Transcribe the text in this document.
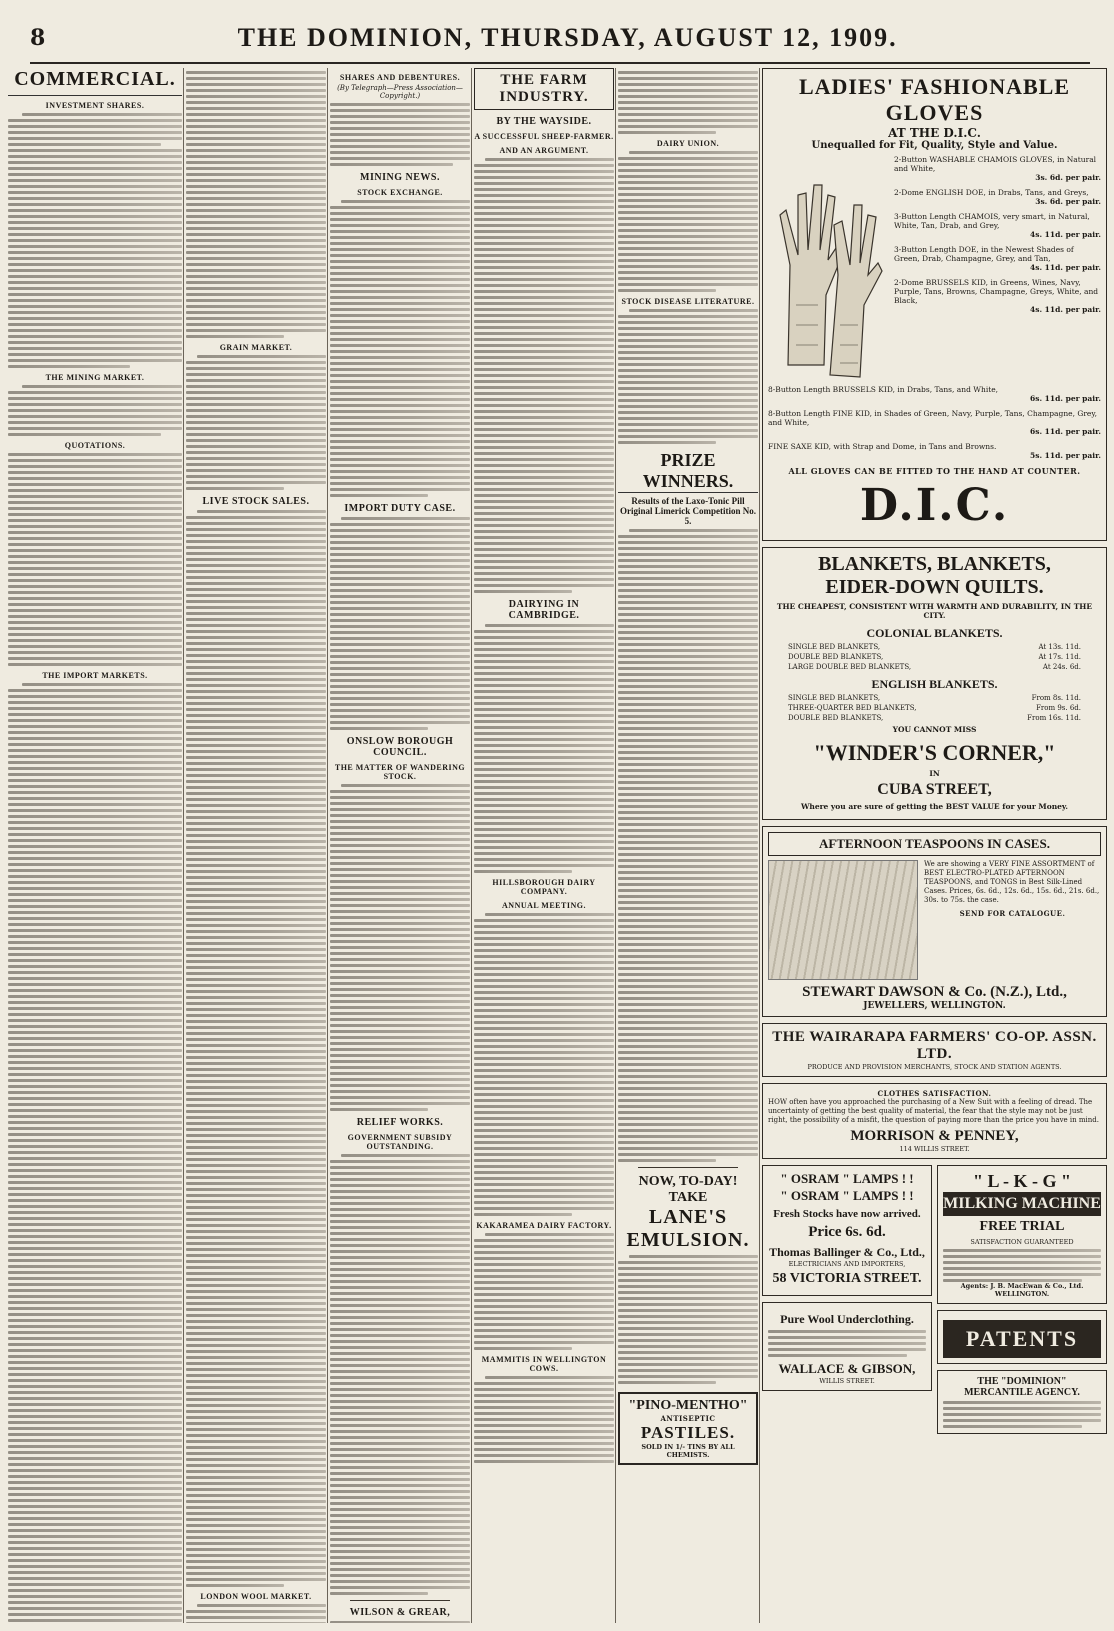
8	THE DOMINION, THURSDAY, AUGUST 12, 1909.
COMMERCIAL.
INVESTMENT SHARES.
THE MINING MARKET.
QUOTATIONS.
THE IMPORT MARKETS.
GRAIN MARKET.
LIVE STOCK SALES.
LONDON WOOL MARKET.
SHARES AND DEBENTURES.
(By Telegraph—Press Association—Copyright.)
MINING NEWS.
STOCK EXCHANGE.
IMPORT DUTY CASE.
ONSLOW BOROUGH COUNCIL.
THE MATTER OF WANDERING STOCK.
RELIEF WORKS.
GOVERNMENT SUBSIDY OUTSTANDING.
WILSON & GREAR,
THE FARM INDUSTRY.
BY THE WAYSIDE.
A SUCCESSFUL SHEEP-FARMER.
AND AN ARGUMENT.
DAIRYING IN CAMBRIDGE.
HILLSBOROUGH DAIRY COMPANY.
ANNUAL MEETING.
KAKARAMEA DAIRY FACTORY.
MAMMITIS IN WELLINGTON COWS.
DAIRY UNION.
STOCK DISEASE LITERATURE.
PRIZE WINNERS.
Results of the Laxo-Tonic Pill Original Limerick Competition No. 5.
NOW, TO-DAY! TAKE
LANE'S EMULSION.
"PINO-MENTHO"
ANTISEPTIC
PASTILES.
SOLD IN 1/- TINS BY ALL CHEMISTS.
LADIES' FASHIONABLE GLOVES
AT THE D.I.C.
Unequalled for Fit, Quality, Style and Value.
2-Button WASHABLE CHAMOIS GLOVES, in Natural and White,
3s. 6d. per pair.
2-Dome ENGLISH DOE, in Drabs, Tans, and Greys,
3s. 6d. per pair.
3-Button Length CHAMOIS, very smart, in Natural, White, Tan, Drab, and Grey,
4s. 11d. per pair.
3-Button Length DOE, in the Newest Shades of Green, Drab, Champagne, Grey, and Tan,
4s. 11d. per pair.
2-Dome BRUSSELS KID, in Greens, Wines, Navy, Purple, Tans, Browns, Champagne, Greys, White, and Black,
4s. 11d. per pair.
8-Button Length BRUSSELS KID, in Drabs, Tans, and White,
6s. 11d. per pair.
8-Button Length FINE KID, in Shades of Green, Navy, Purple, Tans, Champagne, Grey, and White,
6s. 11d. per pair.
FINE SAXE KID, with Strap and Dome, in Tans and Browns.
5s. 11d. per pair.
ALL GLOVES CAN BE FITTED TO THE HAND AT COUNTER.
D.I.C.
BLANKETS, BLANKETS,
EIDER-DOWN QUILTS.
THE CHEAPEST, CONSISTENT WITH WARMTH AND DURABILITY, IN THE CITY.
COLONIAL BLANKETS.
SINGLE BED BLANKETS,	At 13s. 11d.
DOUBLE BED BLANKETS,	At 17s. 11d.
LARGE DOUBLE BED BLANKETS,	At 24s. 6d.
ENGLISH BLANKETS.
SINGLE BED BLANKETS,	From 8s. 11d.
THREE-QUARTER BED BLANKETS,	From 9s. 6d.
DOUBLE BED BLANKETS,	From 16s. 11d.
YOU CANNOT MISS
"WINDER'S CORNER,"
IN
CUBA STREET,
Where you are sure of getting the BEST VALUE for your Money.
AFTERNOON TEASPOONS IN CASES.
We are showing a VERY FINE ASSORTMENT of BEST ELECTRO-PLATED AFTERNOON TEASPOONS, and TONGS in Best Silk-Lined Cases. Prices, 6s. 6d., 12s. 6d., 15s. 6d., 21s. 6d., 30s. to 75s. the case.
SEND FOR CATALOGUE.
STEWART DAWSON & Co. (N.Z.), Ltd.,
JEWELLERS, WELLINGTON.
THE WAIRARAPA FARMERS' CO-OP. ASSN. LTD.
PRODUCE AND PROVISION MERCHANTS, STOCK AND STATION AGENTS.
CLOTHES SATISFACTION.
HOW often have you approached the purchasing of a New Suit with a feeling of dread. The uncertainty of getting the best quality of material, the fear that the style may not be just right, the possibility of a misfit, the question of paying more than the price you have in mind.
MORRISON & PENNEY,
114 WILLIS STREET.
" OSRAM " LAMPS ! !
" OSRAM " LAMPS ! !
Fresh Stocks have now arrived.
Price 6s. 6d.
Thomas Ballinger & Co., Ltd.,
ELECTRICIANS AND IMPORTERS,
58 VICTORIA STREET.
Pure Wool Underclothing.
WALLACE & GIBSON,
WILLIS STREET.
" L - K - G "
MILKING MACHINE
FREE TRIAL
SATISFACTION GUARANTEED
Agents: J. B. MacEwan & Co., Ltd. WELLINGTON.
PATENTS
THE "DOMINION" MERCANTILE AGENCY.
